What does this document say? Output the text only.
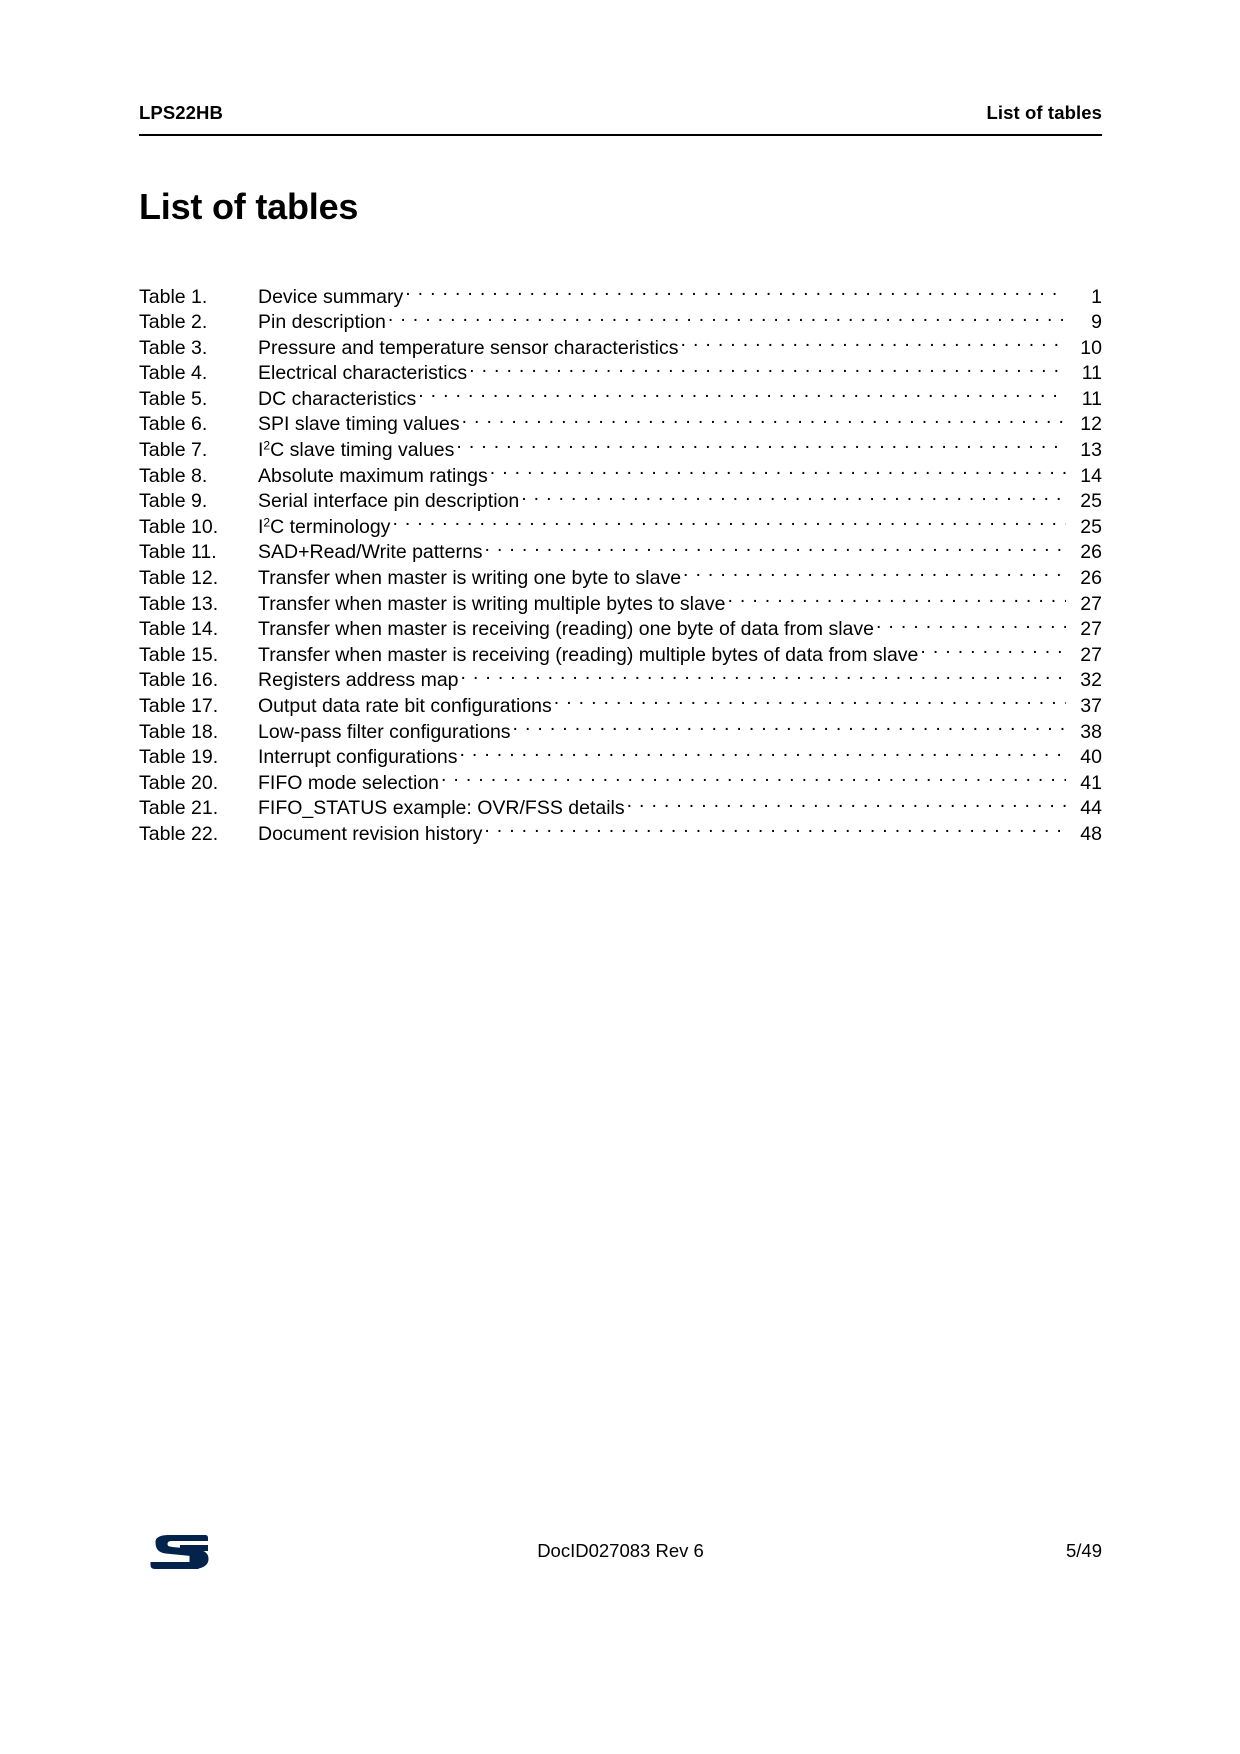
LPS22HB	List of tables
List of tables
Table 1.	Device summary . . .	1
Table 2.	Pin description . . .	9
Table 3.	Pressure and temperature sensor characteristics . . .	10
Table 4.	Electrical characteristics . . .	11
Table 5.	DC characteristics . . .	11
Table 6.	SPI slave timing values . . .	12
Table 7.	$I^2C$ slave timing values . . .	13
Table 8.	Absolute maximum ratings . . .	14
Table 9.	Serial interface pin description . . .	25
Table 10.	$I^2C$ terminology . . .	25
Table 11.	SAD+Read/Write patterns . . .	26
Table 12.	Transfer when master is writing one byte to slave . . .	26
Table 13.	Transfer when master is writing multiple bytes to slave . . .	27
Table 14.	Transfer when master is receiving (reading) one byte of data from slave . . .	27
Table 15.	Transfer when master is receiving (reading) multiple bytes of data from slave . . .	27
Table 16.	Registers address map . . .	32
Table 17.	Output data rate bit configurations . . .	37
Table 18.	Low-pass filter configurations . . .	38
Table 19.	Interrupt configurations . . .	40
Table 20.	FIFO mode selection . . .	41
Table 21.	FIFO_STATUS example: OVR/FSS details . . .	44
Table 22.	Document revision history . . .	48
DocID027083 Rev 6	5/49
